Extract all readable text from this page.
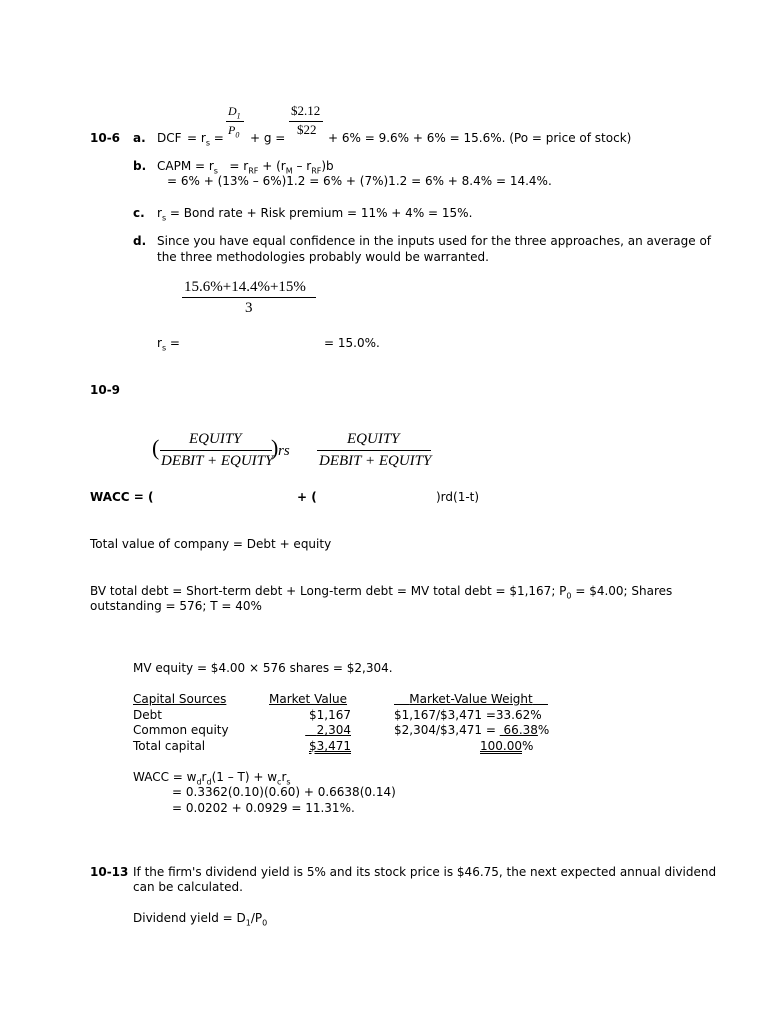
$D_1$
$P_0$
$2.12
$22
10-6 a. DCF = $r_s$ = + g =	+ 6% = 9.6% + 6% = 15.6%. (Po = price of stock)
b. CAPM = $r_s = r_{RF} + (r_M - r_{RF})b$
= 6% + (13% – 6%)1.2 = 6% + (7%)1.2 = 6% + 8.4% = 14.4%.
c. $r_s$ = Bond rate + Risk premium = 11% + 4% = 15%.
d. Since you have equal confidence in the inputs used for the three approaches, an average of
the three methodologies probably would be warranted.
15.6%+14.4%+15%
3
$r_s$ =	= 15.0%.
10-9
( EQUITY
DEBIT + EQUITY
) rs
EQUITY
DEBIT + EQUITY
WACC = (	+ (	)rd(1-t)
Total value of company = Debt + equity
BV total debt = Short-term debt + Long-term debt = MV total debt = $1,167; $P_0$ = $4.00; Shares
outstanding = 576; T = 40%
MV equity = $4.00 × 576 shares = $2,304.
Capital Sources	Market Value	Market-Value Weight
Debt	$1,167	$1,167/$3,471 =33.62%
Common equity	2,304	$2,304/$3,471 = 66.38%
Total capital	$3,471	100.00%
WACC = $w_dr_d(1 - T) + w_cr_s$
= 0.3362(0.10)(0.60) + 0.6638(0.14)
= 0.0202 + 0.0929 = 11.31%.
10-13 If the firm's dividend yield is 5% and its stock price is $46.75, the next expected annual dividend
can be calculated.
Dividend yield = $D_1/P_0$
